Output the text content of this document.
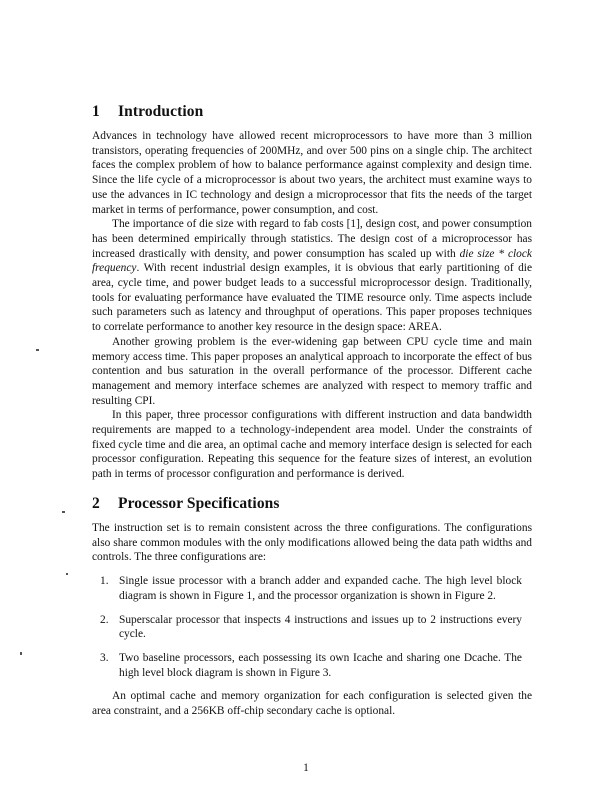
1 Introduction

Advances in technology have allowed recent microprocessors to have more than 3 million transistors, operating frequencies of 200MHz, and over 500 pins on a single chip. The architect faces the complex problem of how to balance performance against complexity and design time. Since the life cycle of a microprocessor is about two years, the architect must examine ways to use the advances in IC technology and design a microprocessor that fits the needs of the target market in terms of performance, power consumption, and cost.

The importance of die size with regard to fab costs [1], design cost, and power consumption has been determined empirically through statistics. The design cost of a microprocessor has increased drastically with density, and power consumption has scaled up with die size * clock frequency. With recent industrial design examples, it is obvious that early partitioning of die area, cycle time, and power budget leads to a successful microprocessor design. Traditionally, tools for evaluating performance have evaluated the TIME resource only. Time aspects include such parameters such as latency and throughput of operations. This paper proposes techniques to correlate performance to another key resource in the design space: AREA.

Another growing problem is the ever-widening gap between CPU cycle time and main memory access time. This paper proposes an analytical approach to incorporate the effect of bus contention and bus saturation in the overall performance of the processor. Different cache management and memory interface schemes are analyzed with respect to memory traffic and resulting CPI.

In this paper, three processor configurations with different instruction and data bandwidth requirements are mapped to a technology-independent area model. Under the constraints of fixed cycle time and die area, an optimal cache and memory interface design is selected for each processor configuration. Repeating this sequence for the feature sizes of interest, an evolution path in terms of processor configuration and performance is derived.

2 Processor Specifications

The instruction set is to remain consistent across the three configurations. The configurations also share common modules with the only modifications allowed being the data path widths and controls. The three configurations are:

1. Single issue processor with a branch adder and expanded cache. The high level block diagram is shown in Figure 1, and the processor organization is shown in Figure 2.
2. Superscalar processor that inspects 4 instructions and issues up to 2 instructions every cycle.
3. Two baseline processors, each possessing its own Icache and sharing one Dcache. The high level block diagram is shown in Figure 3.

An optimal cache and memory organization for each configuration is selected given the area constraint, and a 256KB off-chip secondary cache is optional.

1
